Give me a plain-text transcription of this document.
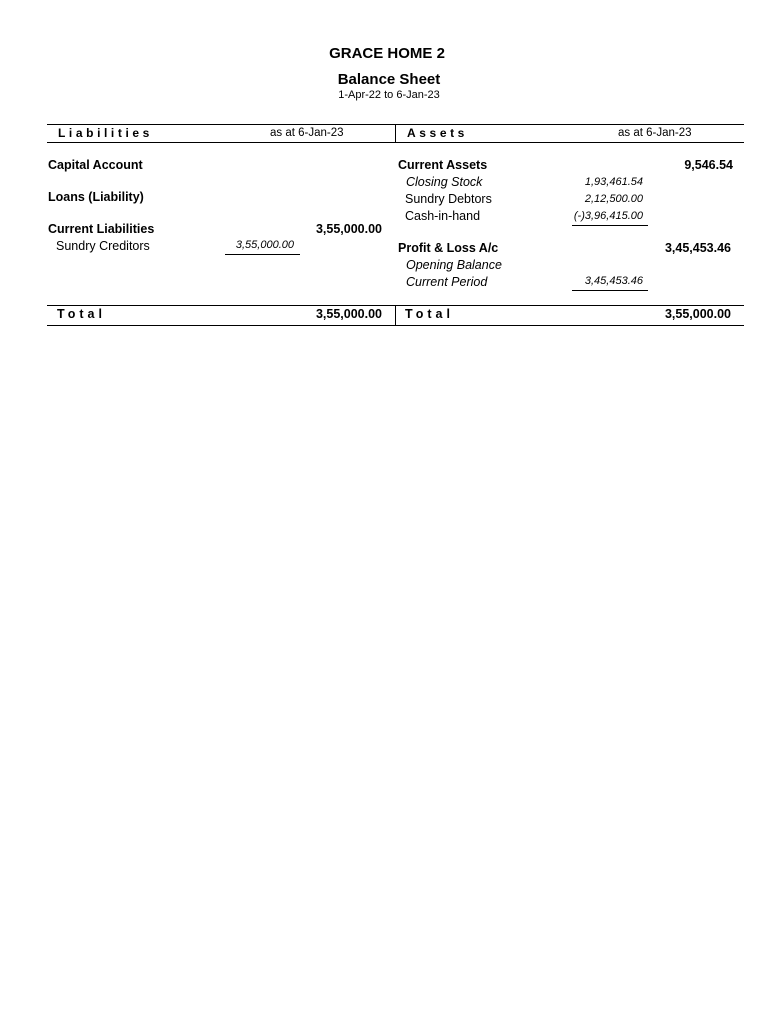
GRACE HOME 2
Balance Sheet
1-Apr-22 to 6-Jan-23
Liabilities	as at 6-Jan-23	Assets	as at 6-Jan-23
Capital Account
Loans (Liability)
Current Liabilities	3,55,000.00
Sundry Creditors	3,55,000.00
Current Assets	9,546.54
Closing Stock	1,93,461.54
Sundry Debtors	2,12,500.00
Cash-in-hand	(-)3,96,415.00
Profit & Loss A/c	3,45,453.46
Opening Balance
Current Period	3,45,453.46
Total	3,55,000.00 Total	3,55,000.00
